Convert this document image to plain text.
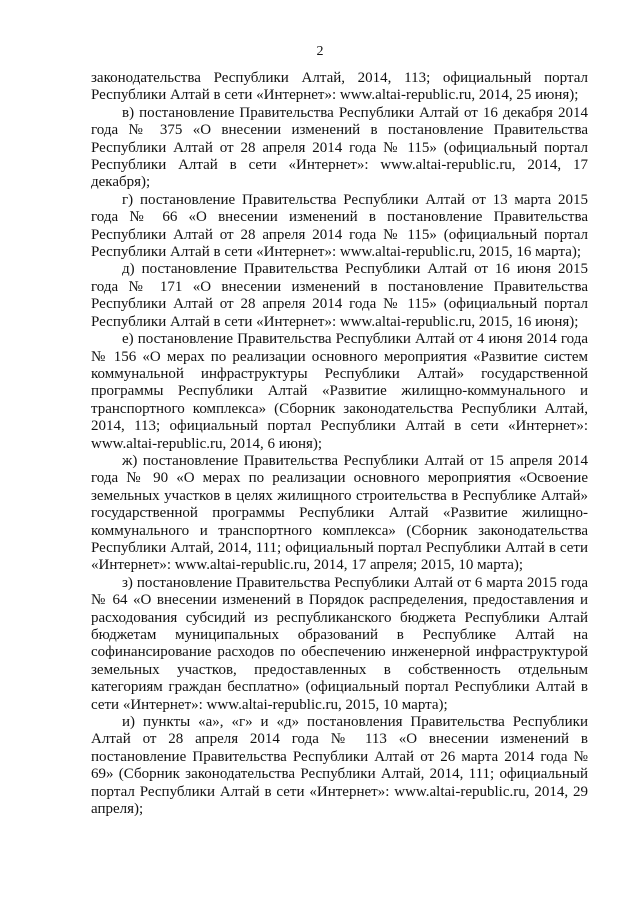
2

законодательства Республики Алтай, 2014, 113; официальный портал Республики Алтай в сети «Интернет»: www.altai-republic.ru, 2014, 25 июня);

в) постановление Правительства Республики Алтай от 16 декабря 2014 года № 375 «О внесении изменений в постановление Правительства Республики Алтай от 28 апреля 2014 года № 115» (официальный портал Республики Алтай в сети «Интернет»: www.altai-republic.ru, 2014, 17 декабря);

г) постановление Правительства Республики Алтай от 13 марта 2015 года № 66 «О внесении изменений в постановление Правительства Республики Алтай от 28 апреля 2014 года № 115» (официальный портал Республики Алтай в сети «Интернет»: www.altai-republic.ru, 2015, 16 марта);

д) постановление Правительства Республики Алтай от 16 июня 2015 года № 171 «О внесении изменений в постановление Правительства Республики Алтай от 28 апреля 2014 года № 115» (официальный портал Республики Алтай в сети «Интернет»: www.altai-republic.ru, 2015, 16 июня);

е) постановление Правительства Республики Алтай от 4 июня 2014 года № 156 «О мерах по реализации основного мероприятия «Развитие систем коммунальной инфраструктуры Республики Алтай» государственной программы Республики Алтай «Развитие жилищно-коммунального и транспортного комплекса» (Сборник законодательства Республики Алтай, 2014, 113; официальный портал Республики Алтай в сети «Интернет»: www.altai-republic.ru, 2014, 6 июня);

ж) постановление Правительства Республики Алтай от 15 апреля 2014 года № 90 «О мерах по реализации основного мероприятия «Освоение земельных участков в целях жилищного строительства в Республике Алтай» государственной программы Республики Алтай «Развитие жилищно-коммунального и транспортного комплекса» (Сборник законодательства Республики Алтай, 2014, 111; официальный портал Республики Алтай в сети «Интернет»: www.altai-republic.ru, 2014, 17 апреля; 2015, 10 марта);

з) постановление Правительства Республики Алтай от 6 марта 2015 года № 64 «О внесении изменений в Порядок распределения, предоставления и расходования субсидий из республиканского бюджета Республики Алтай бюджетам муниципальных образований в Республике Алтай на софинансирование расходов по обеспечению инженерной инфраструктурой земельных участков, предоставленных в собственность отдельным категориям граждан бесплатно» (официальный портал Республики Алтай в сети «Интернет»: www.altai-republic.ru, 2015, 10 марта);

и) пункты «а», «г» и «д» постановления Правительства Республики Алтай от 28 апреля 2014 года № 113 «О внесении изменений в постановление Правительства Республики Алтай от 26 марта 2014 года № 69» (Сборник законодательства Республики Алтай, 2014, 111; официальный портал Республики Алтай в сети «Интернет»: www.altai-republic.ru, 2014, 29 апреля);
